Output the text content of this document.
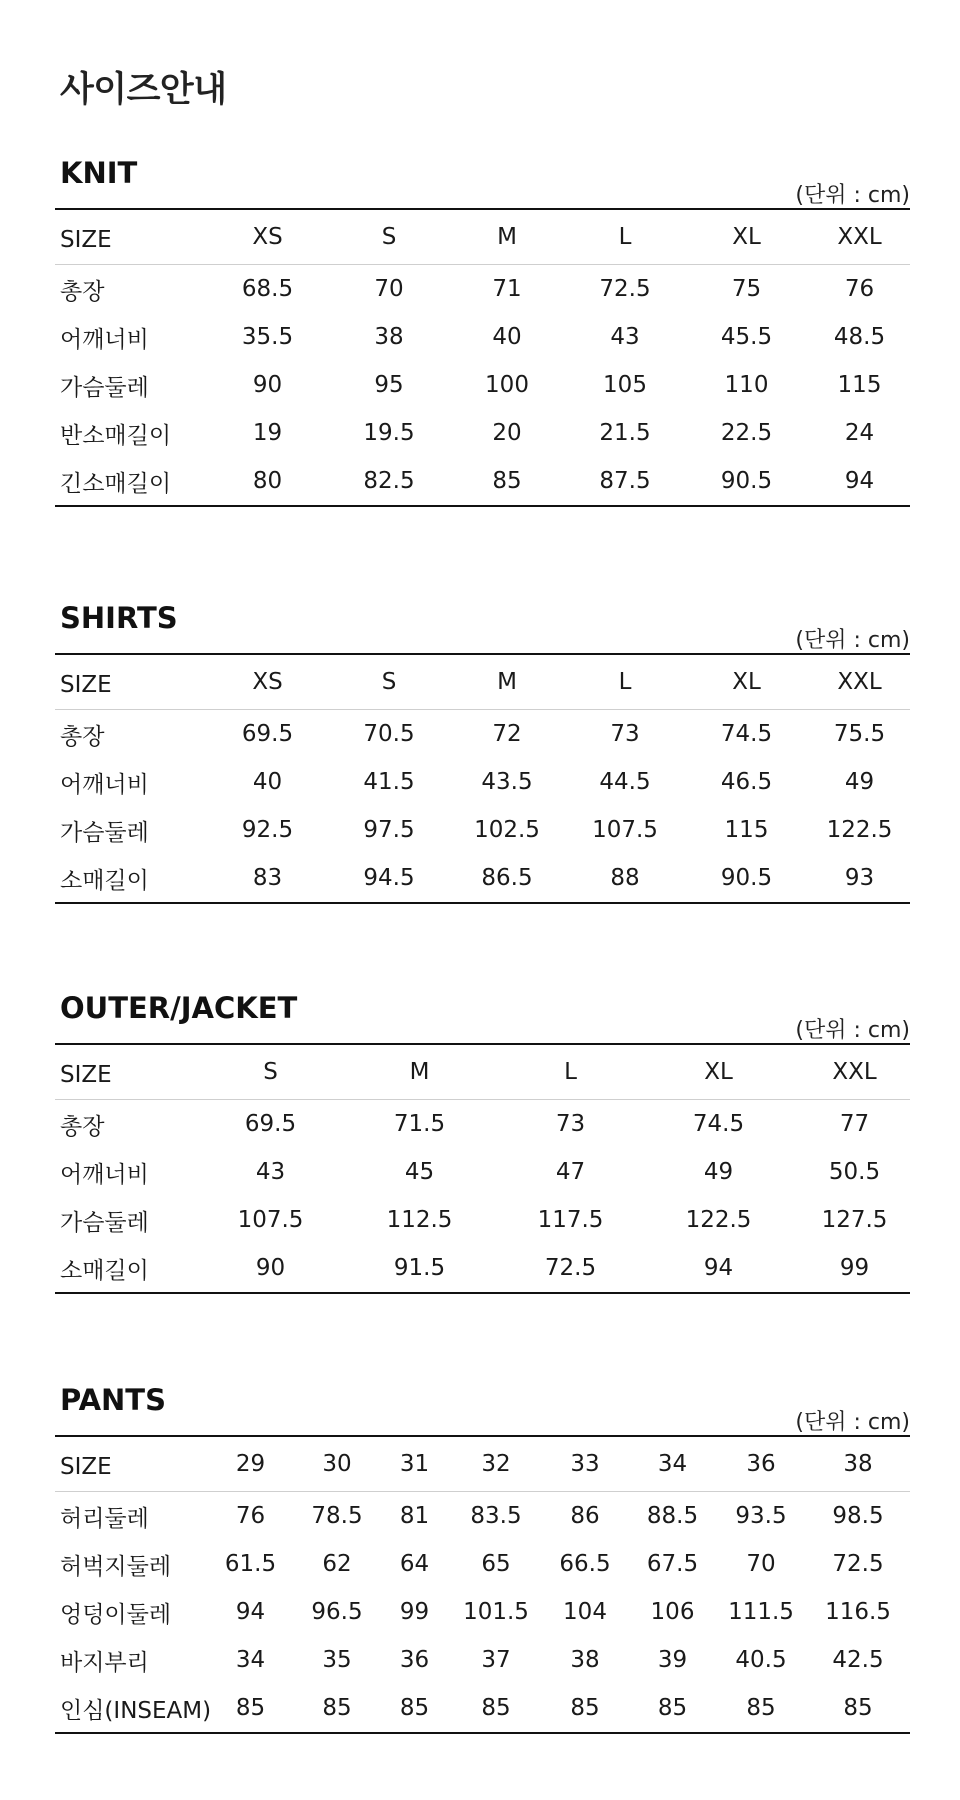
사이즈안내
KNIT
(단위 : cm)
SIZE	XS	S	M	L	XL	XXL
총장	68.5	70	71	72.5	75	76
어깨너비	35.5	38	40	43	45.5	48.5
가슴둘레	90	95	100	105	110	115
반소매길이	19	19.5	20	21.5	22.5	24
긴소매길이	80	82.5	85	87.5	90.5	94
SHIRTS
(단위 : cm)
SIZE	XS	S	M	L	XL	XXL
총장	69.5	70.5	72	73	74.5	75.5
어깨너비	40	41.5	43.5	44.5	46.5	49
가슴둘레	92.5	97.5	102.5	107.5	115	122.5
소매길이	83	94.5	86.5	88	90.5	93
OUTER/JACKET
(단위 : cm)
SIZE	S	M	L	XL	XXL
총장	69.5	71.5	73	74.5	77
어깨너비	43	45	47	49	50.5
가슴둘레	107.5	112.5	117.5	122.5	127.5
소매길이	90	91.5	72.5	94	99
PANTS
(단위 : cm)
SIZE	29	30	31	32	33	34	36	38
허리둘레	76	78.5	81	83.5	86	88.5	93.5	98.5
허벅지둘레	61.5	62	64	65	66.5	67.5	70	72.5
엉덩이둘레	94	96.5	99	101.5	104	106	111.5	116.5
바지부리	34	35	36	37	38	39	40.5	42.5
인심(INSEAM)	85	85	85	85	85	85	85	85
